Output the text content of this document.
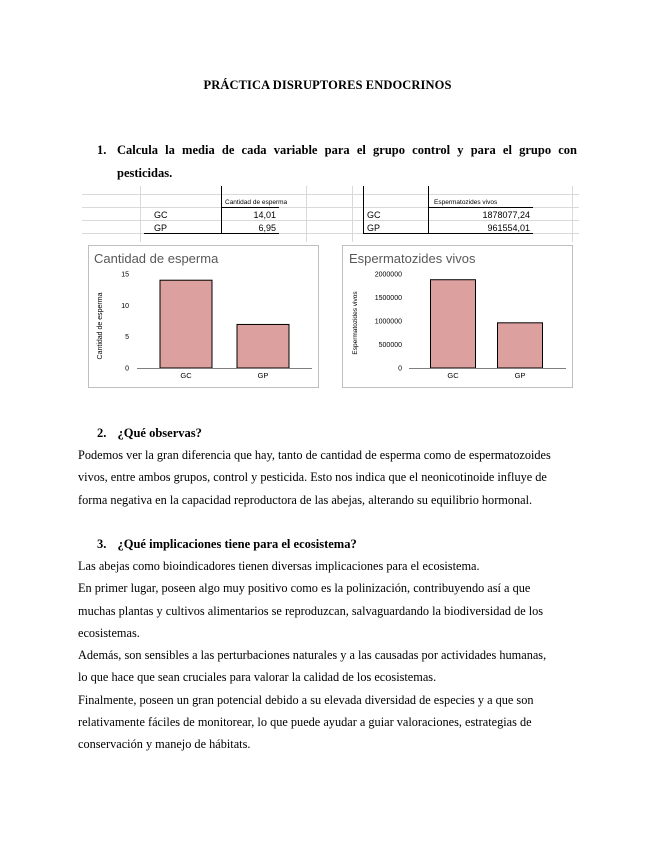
PRÁCTICA DISRUPTORES ENDOCRINOS
1. Calcula la media de cada variable para el grupo control y para el grupo con
pesticidas.
Cantidad de esperma
GC	14,01
GP	6,95
Espermatozides vivos
GC	1878077,24
GP	961554,01
Cantidad de esperma
Cantidad de esperma
0
5
10
15
GC	GP
Espermatozides vivos
Espermatozides vivos
0
500000
1000000
1500000
2000000
GC	GP
2. ¿Qué observas?
Podemos ver la gran diferencia que hay, tanto de cantidad de esperma como de espermatozoides
vivos, entre ambos grupos, control y pesticida. Esto nos indica que el neonicotinoide influye de
forma negativa en la capacidad reproductora de las abejas, alterando su equilibrio hormonal.
3. ¿Qué implicaciones tiene para el ecosistema?
Las abejas como bioindicadores tienen diversas implicaciones para el ecosistema.
En primer lugar, poseen algo muy positivo como es la polinización, contribuyendo así a que
muchas plantas y cultivos alimentarios se reproduzcan, salvaguardando la biodiversidad de los
ecosistemas.
Además, son sensibles a las perturbaciones naturales y a las causadas por actividades humanas,
lo que hace que sean cruciales para valorar la calidad de los ecosistemas.
Finalmente, poseen un gran potencial debido a su elevada diversidad de especies y a que son
relativamente fáciles de monitorear, lo que puede ayudar a guiar valoraciones, estrategias de
conservación y manejo de hábitats.
